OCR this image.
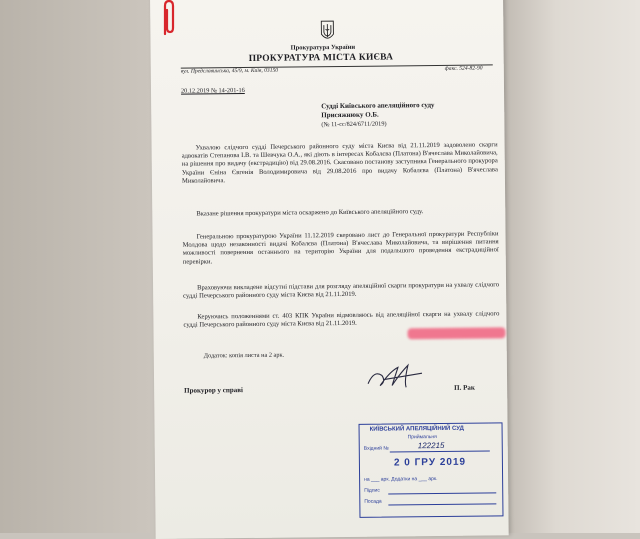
Прокуратура України
ПРОКУРАТУРА МІСТА КИЄВА
вул. Предславинська, 45/9, м. Київ, 03150	факс. 524-82-90
20.12.2019 № 14-201-16
Судді Київського апеляційного суду
Присяжнюку О.Б.
(№ 11-сс/824/6711/2019)
Ухвалою слідчого судді Печерського районного суду міста Києва від 21.11.2019 задоволено скарги адвокатів Степанова І.В. та Шевчука О.А., які діють в інтересах Кобалєва (Платона) В'ячеслава Миколайовича, на рішення про видачу (екстрадицію) від 29.08.2016. Скасовано постанову заступника Генерального прокурора України Єніна Євгенія Володимировича від 29.08.2016 про видачу Кобалєва (Платона) В'ячеслава Миколайовича.
Вказане рішення прокуратури міста оскаржено до Київського апеляційного суду.
Генеральною прокуратурою України 11.12.2019 скеровано лист до Генеральної прокуратури Республіки Молдова щодо незаконності видачі Кобалєва (Платона) В'ячеслава Миколайовича, та вирішення питання можливості повернення останнього на територію України для подальшого проведення екстрадиційної перевірки.
Враховуючи викладене відсутні підстави для розгляду апеляційної скарги прокуратури на ухвалу слідчого судді Печерського районного суду міста Києва від 21.11.2019.
Керуючись положеннями ст. 403 КПК України відмовляюсь від апеляційної скарги на ухвалу слідчого судді Печерського районного суду міста Києва від 21.11.2019.
Додаток: копія листа на 2 арк.
Прокурор у справі	П. Рак
КИЇВСЬКИЙ АПЕЛЯЦІЙНИЙ СУД
Приймальня
Вхідний №	122215
2 0 ГРУ 2019
на ___ арк. Додатки на ___ арк.
Підпис
Посада
